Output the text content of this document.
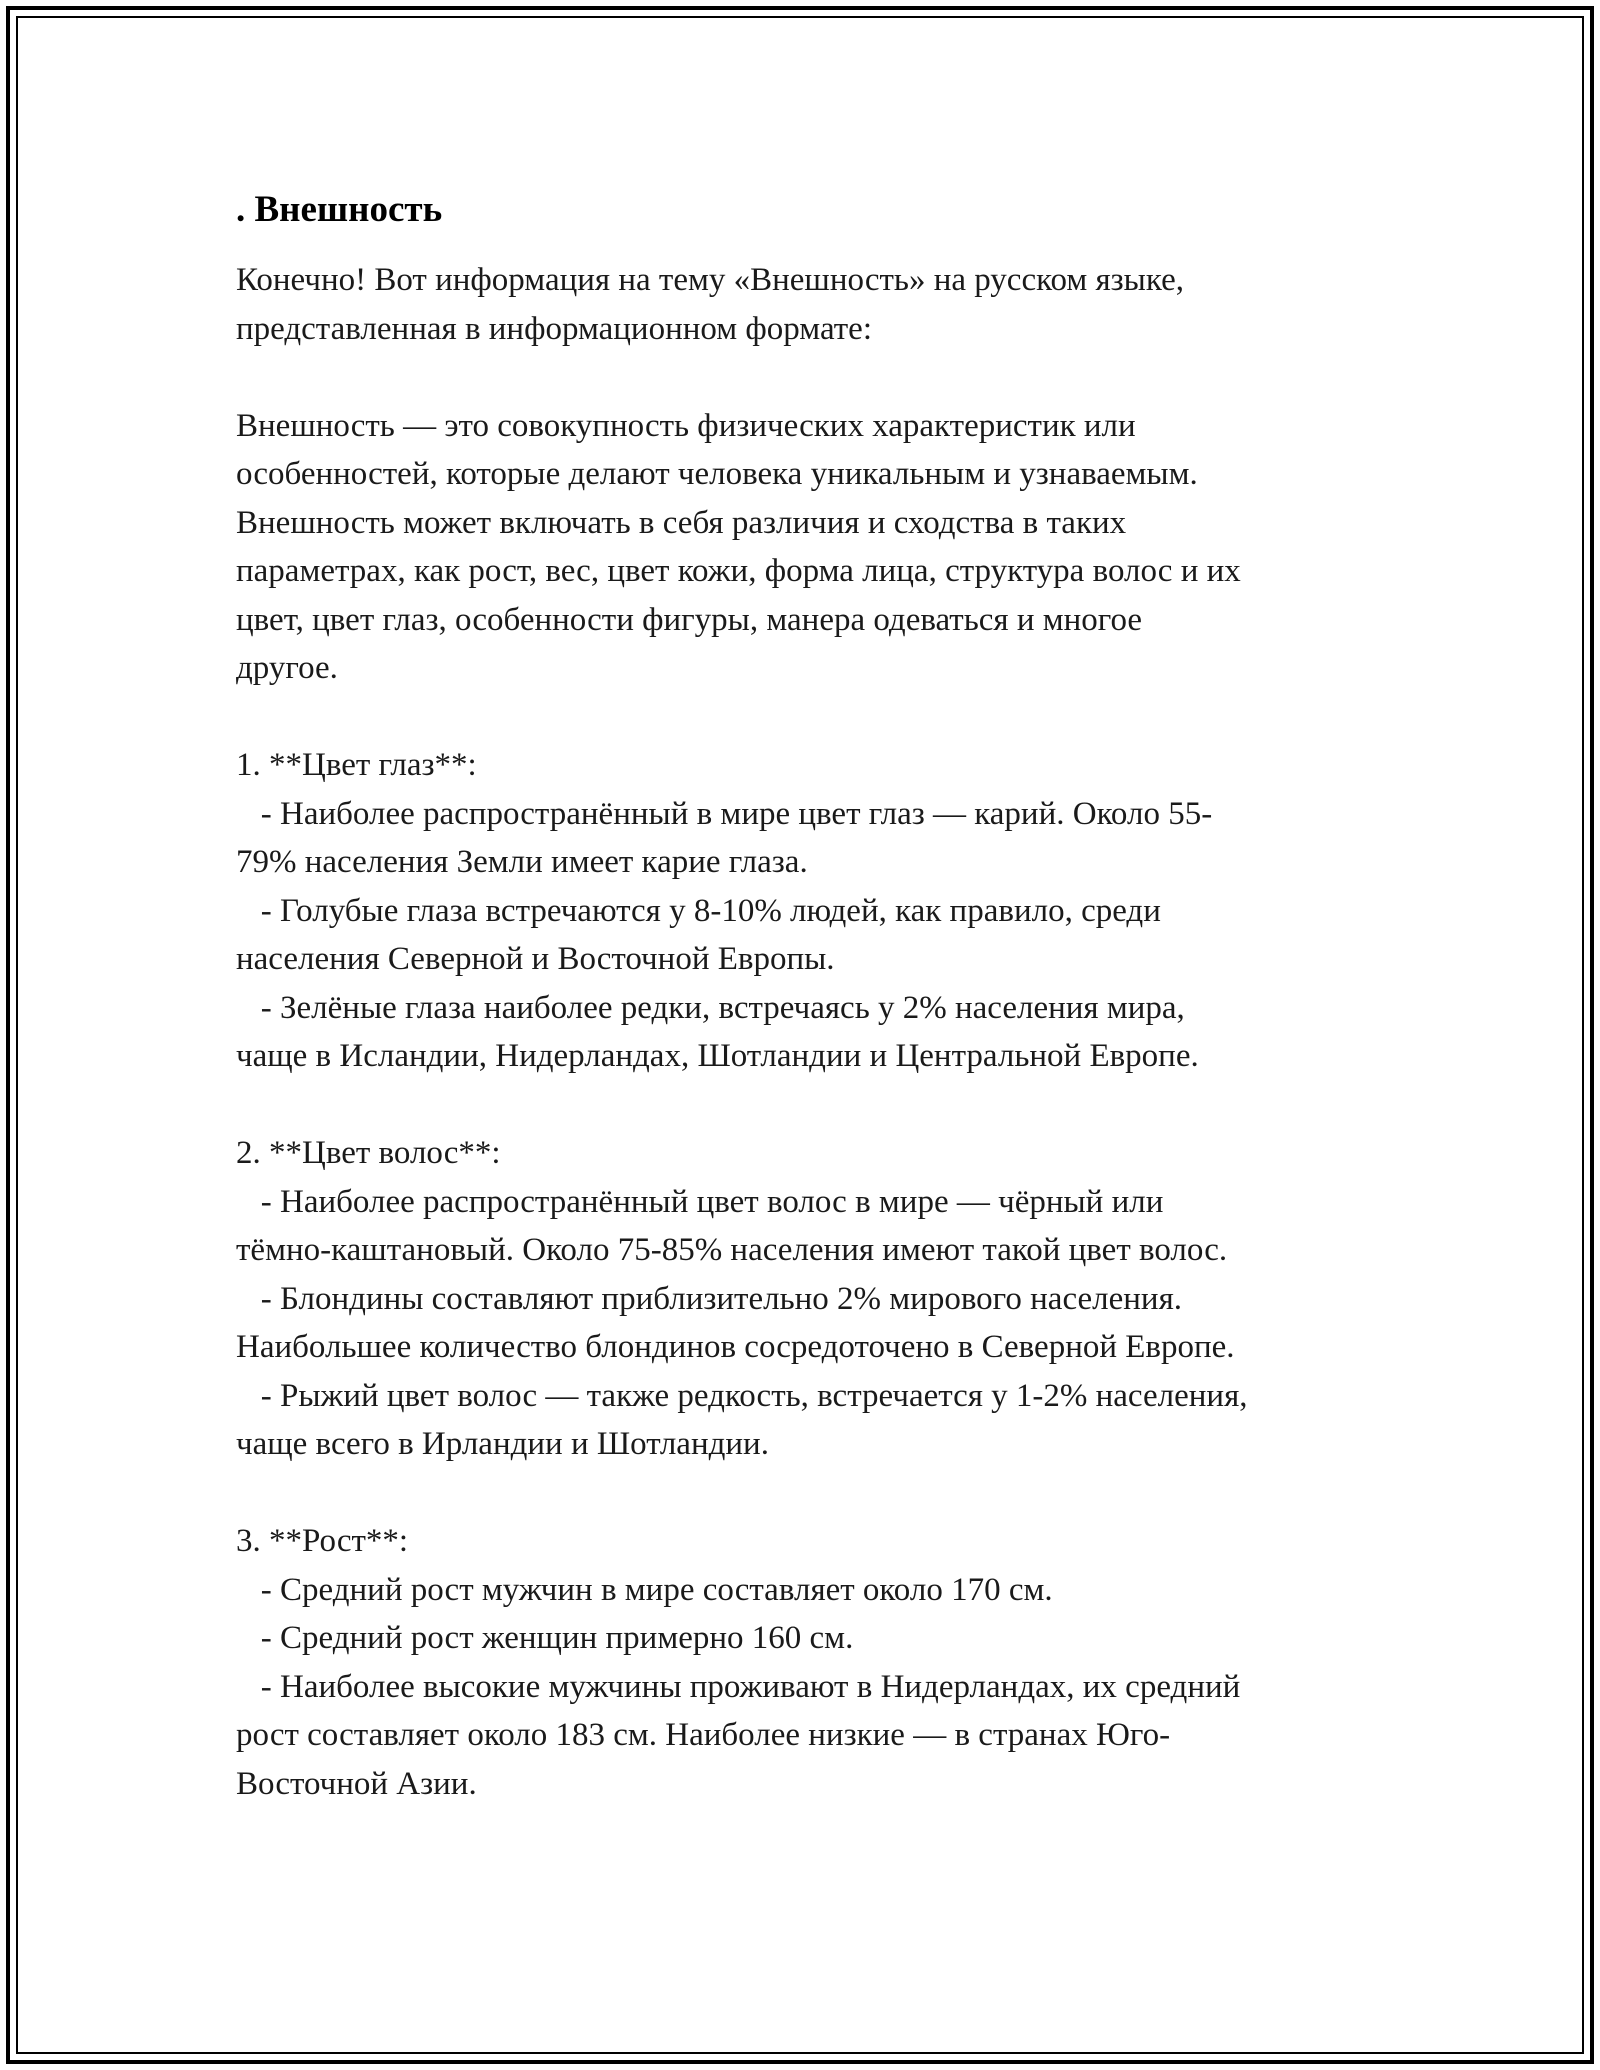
. Внешность

Конечно! Вот информация на тему «Внешность» на русском языке,
представленная в информационном формате:

Внешность — это совокупность физических характеристик или
особенностей, которые делают человека уникальным и узнаваемым.
Внешность может включать в себя различия и сходства в таких
параметрах, как рост, вес, цвет кожи, форма лица, структура волос и их
цвет, цвет глаз, особенности фигуры, манера одеваться и многое
другое.

1. **Цвет глаз**:
- Наиболее распространённый в мире цвет глаз — карий. Около 55-
79% населения Земли имеет карие глаза.
- Голубые глаза встречаются у 8-10% людей, как правило, среди
населения Северной и Восточной Европы.
- Зелёные глаза наиболее редки, встречаясь у 2% населения мира,
чаще в Исландии, Нидерландах, Шотландии и Центральной Европе.

2. **Цвет волос**:
- Наиболее распространённый цвет волос в мире — чёрный или
тёмно-каштановый. Около 75-85% населения имеют такой цвет волос.
- Блондины составляют приблизительно 2% мирового населения.
Наибольшее количество блондинов сосредоточено в Северной Европе.
- Рыжий цвет волос — также редкость, встречается у 1-2% населения,
чаще всего в Ирландии и Шотландии.

3. **Рост**:
- Средний рост мужчин в мире составляет около 170 см.
- Средний рост женщин примерно 160 см.
- Наиболее высокие мужчины проживают в Нидерландах, их средний
рост составляет около 183 см. Наиболее низкие — в странах Юго-
Восточной Азии.
